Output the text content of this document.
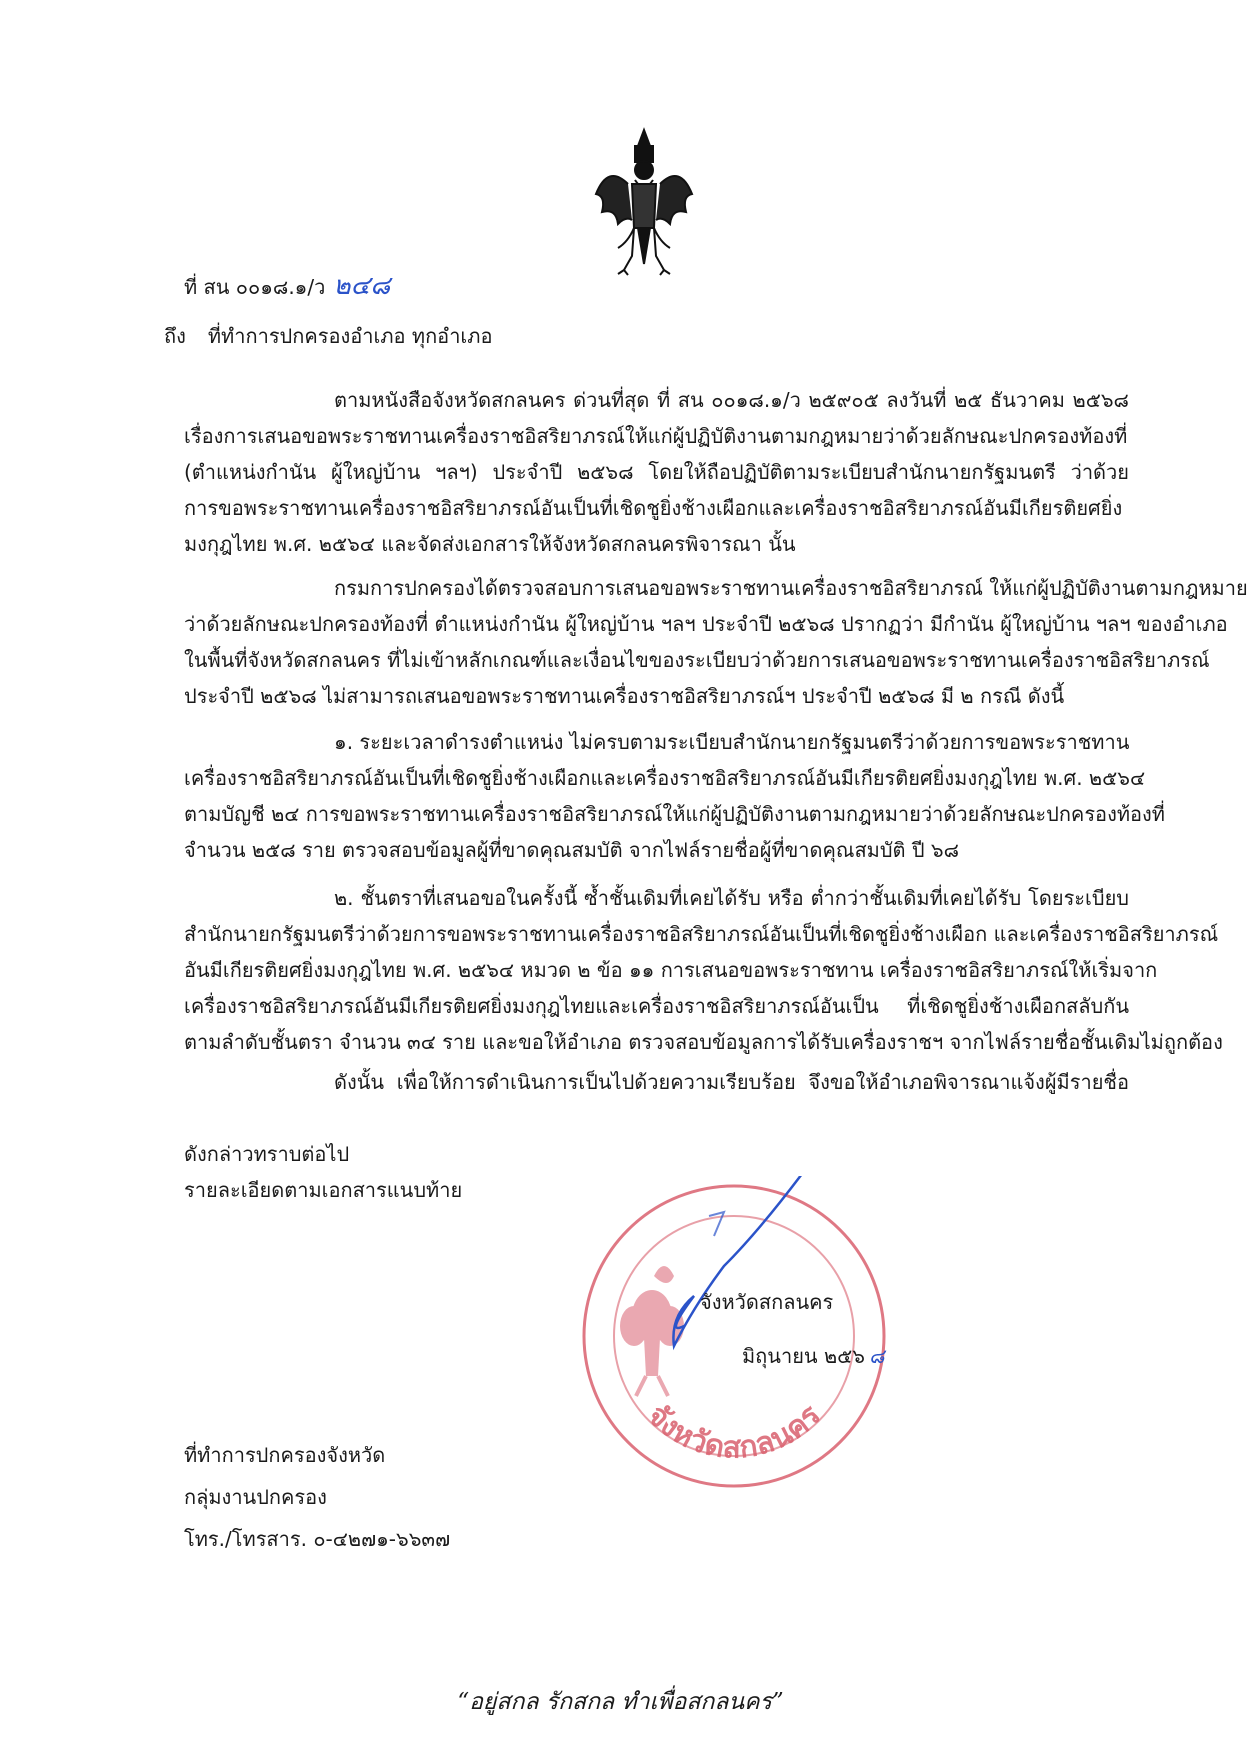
ที่ สน ๐๐๑๘.๑/ว ๒๔๘
ถึง ที่ทำการปกครองอำเภอ ทุกอำเภอ
ตามหนังสือจังหวัดสกลนคร ด่วนที่สุด ที่ สน ๐๐๑๘.๑/ว ๒๕๙๐๕ ลงวันที่ ๒๕ ธันวาคม ๒๕๖๘
เรื่องการเสนอขอพระราชทานเครื่องราชอิสริยาภรณ์ให้แก่ผู้ปฏิบัติงานตามกฎหมายว่าด้วยลักษณะปกครองท้องที่
(ตำแหน่งกำนัน ผู้ใหญ่บ้าน ฯลฯ) ประจำปี ๒๕๖๘ โดยให้ถือปฏิบัติตามระเบียบสำนักนายกรัฐมนตรี ว่าด้วย
การขอพระราชทานเครื่องราชอิสริยาภรณ์อันเป็นที่เชิดชูยิ่งช้างเผือกและเครื่องราชอิสริยาภรณ์อันมีเกียรติยศยิ่ง
มงกุฎไทย พ.ศ. ๒๕๖๔ และจัดส่งเอกสารให้จังหวัดสกลนครพิจารณา นั้น
กรมการปกครองได้ตรวจสอบการเสนอขอพระราชทานเครื่องราชอิสริยาภรณ์ ให้แก่ผู้ปฏิบัติงานตามกฎหมาย
ว่าด้วยลักษณะปกครองท้องที่ ตำแหน่งกำนัน ผู้ใหญ่บ้าน ฯลฯ ประจำปี ๒๕๖๘ ปรากฏว่า มีกำนัน ผู้ใหญ่บ้าน ฯลฯ ของอำเภอ
ในพื้นที่จังหวัดสกลนคร ที่ไม่เข้าหลักเกณฑ์และเงื่อนไขของระเบียบว่าด้วยการเสนอขอพระราชทานเครื่องราชอิสริยาภรณ์
ประจำปี ๒๕๖๘ ไม่สามารถเสนอขอพระราชทานเครื่องราชอิสริยาภรณ์ฯ ประจำปี ๒๕๖๘ มี ๒ กรณี ดังนี้
๑. ระยะเวลาดำรงตำแหน่ง ไม่ครบตามระเบียบสำนักนายกรัฐมนตรีว่าด้วยการขอพระราชทาน
เครื่องราชอิสริยาภรณ์อันเป็นที่เชิดชูยิ่งช้างเผือกและเครื่องราชอิสริยาภรณ์อันมีเกียรติยศยิ่งมงกุฎไทย พ.ศ. ๒๕๖๔
ตามบัญชี ๒๔ การขอพระราชทานเครื่องราชอิสริยาภรณ์ให้แก่ผู้ปฏิบัติงานตามกฎหมายว่าด้วยลักษณะปกครองท้องที่
จำนวน ๒๕๘ ราย ตรวจสอบข้อมูลผู้ที่ขาดคุณสมบัติ จากไฟล์รายชื่อผู้ที่ขาดคุณสมบัติ ปี ๖๘
๒. ชั้นตราที่เสนอขอในครั้งนี้ ซ้ำชั้นเดิมที่เคยได้รับ หรือ ต่ำกว่าชั้นเดิมที่เคยได้รับ โดยระเบียบ
สำนักนายกรัฐมนตรีว่าด้วยการขอพระราชทานเครื่องราชอิสริยาภรณ์อันเป็นที่เชิดชูยิ่งช้างเผือก และเครื่องราชอิสริยาภรณ์
อันมีเกียรติยศยิ่งมงกุฎไทย พ.ศ. ๒๕๖๔ หมวด ๒ ข้อ ๑๑ การเสนอขอพระราชทาน เครื่องราชอิสริยาภรณ์ให้เริ่มจาก
เครื่องราชอิสริยาภรณ์อันมีเกียรติยศยิ่งมงกุฎไทยและเครื่องราชอิสริยาภรณ์อันเป็น ที่เชิดชูยิ่งช้างเผือกสลับกัน
ตามลำดับชั้นตรา จำนวน ๓๔ ราย และขอให้อำเภอ ตรวจสอบข้อมูลการได้รับเครื่องราชฯ จากไฟล์รายชื่อชั้นเดิมไม่ถูกต้อง
ดังนั้น เพื่อให้การดำเนินการเป็นไปด้วยความเรียบร้อย จึงขอให้อำเภอพิจารณาแจ้งผู้มีรายชื่อ
ดังกล่าวทราบต่อไป
รายละเอียดตามเอกสารแนบท้าย
จังหวัดสกลนคร
จังหวัดสกลนคร
มิถุนายน ๒๕๖ ๘
ที่ทำการปกครองจังหวัด
กลุ่มงานปกครอง
โทร./โทรสาร. ๐-๔๒๗๑-๖๖๓๗
“อยู่สกล รักสกล ทำเพื่อสกลนคร”
